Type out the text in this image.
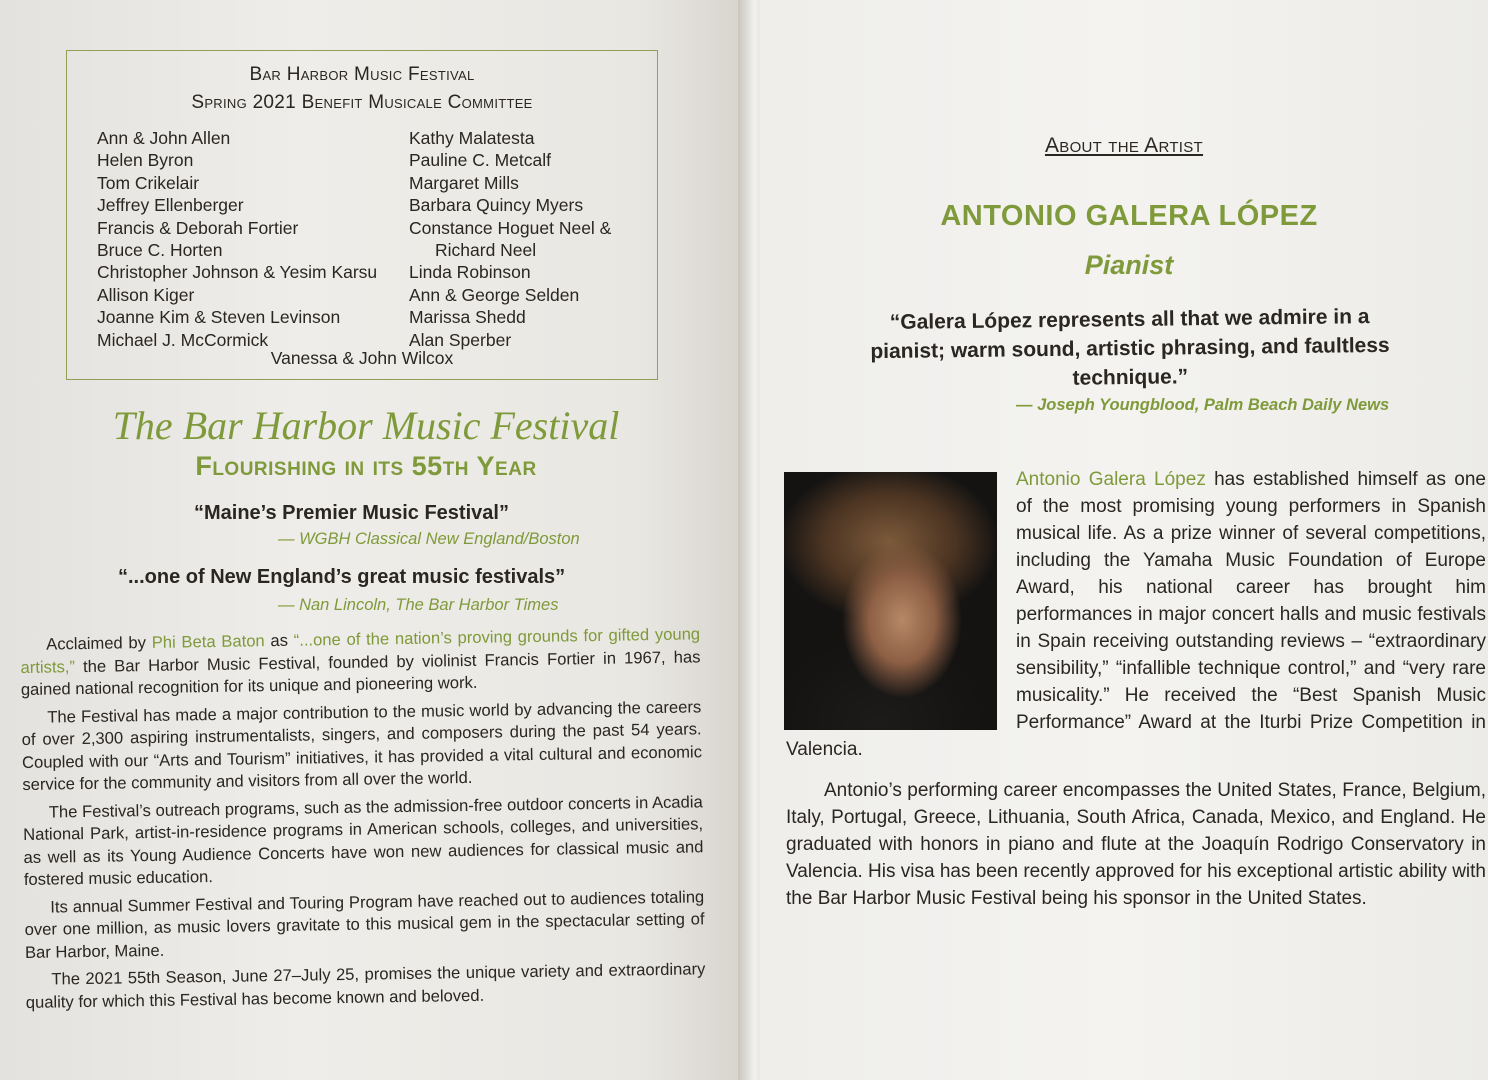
Bar Harbor Music Festival
Spring 2021 Benefit Musicale Committee
Ann & John Allen
Helen Byron
Tom Crikelair
Jeffrey Ellenberger
Francis & Deborah Fortier
Bruce C. Horten
Christopher Johnson & Yesim Karsu
Allison Kiger
Joanne Kim & Steven Levinson
Michael J. McCormick
Kathy Malatesta
Pauline C. Metcalf
Margaret Mills
Barbara Quincy Myers
Constance Hoguet Neel &
Richard Neel
Linda Robinson
Ann & George Selden
Marissa Shedd
Alan Sperber
Vanessa & John Wilcox
The Bar Harbor Music Festival
Flourishing in its 55th Year
“Maine’s Premier Music Festival”
— WGBH Classical New England/Boston
“...one of New England’s great music festivals”
— Nan Lincoln, The Bar Harbor Times

Acclaimed by Phi Beta Baton as “...one of the nation’s proving grounds for gifted young artists,” the Bar Harbor Music Festival, founded by violinist Francis Fortier in 1967, has gained national recognition for its unique and pioneering work.

The Festival has made a major contribution to the music world by advancing the careers of over 2,300 aspiring instrumentalists, singers, and composers during the past 54 years. Coupled with our “Arts and Tourism” initiatives, it has provided a vital cultural and economic service for the community and visitors from all over the world.

The Festival’s outreach programs, such as the admission-free outdoor concerts in Acadia National Park, artist-in-residence programs in American schools, colleges, and universities, as well as its Young Audience Concerts have won new audiences for classical music and fostered music education.

Its annual Summer Festival and Touring Program have reached out to audiences totaling over one million, as music lovers gravitate to this musical gem in the spectacular setting of Bar Harbor, Maine.

The 2021 55th Season, June 27–July 25, promises the unique variety and extraordinary quality for which this Festival has become known and beloved.

About the Artist
ANTONIO GALERA LÓPEZ
Pianist
“Galera López represents all that we admire in a pianist; warm sound, artistic phrasing, and faultless technique.”
— Joseph Youngblood, Palm Beach Daily News

Antonio Galera López has established himself as one of the most promising young performers in Spanish musical life. As a prize winner of several competitions, including the Yamaha Music Foundation of Europe Award, his national career has brought him performances in major concert halls and music festivals in Spain receiving outstanding reviews – “extraordinary sensibility,” “infallible technique control,” and “very rare musicality.” He received the “Best Spanish Music Performance” Award at the Iturbi Prize Competition in Valencia.

Antonio’s performing career encompasses the United States, France, Belgium, Italy, Portugal, Greece, Lithuania, South Africa, Canada, Mexico, and England. He graduated with honors in piano and flute at the Joaquín Rodrigo Conservatory in Valencia. His visa has been recently approved for his exceptional artistic ability with the Bar Harbor Music Festival being his sponsor in the United States.
